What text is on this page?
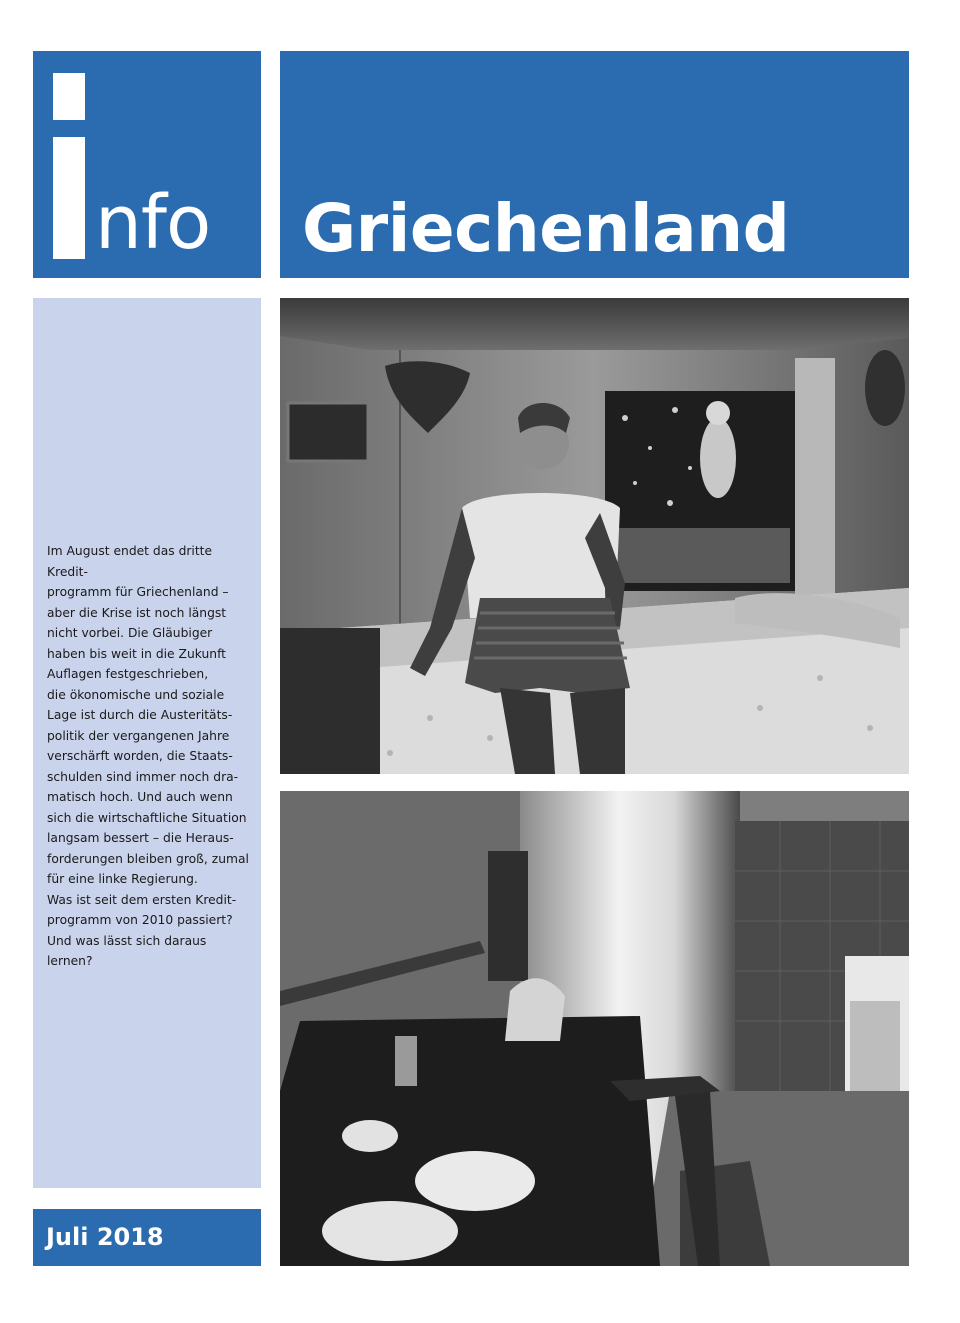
nfo Griechenland

Im August endet das dritte Kredit-
programm für Griechenland –
aber die Krise ist noch längst
nicht vorbei. Die Gläubiger
haben bis weit in die Zukunft
Auflagen festgeschrieben,
die ökonomische und soziale
Lage ist durch die Austeritäts-
politik der vergangenen Jahre
verschärft worden, die Staats-
schulden sind immer noch dra-
matisch hoch. Und auch wenn
sich die wirtschaftliche Situation
langsam bessert – die Heraus-
forderungen bleiben groß, zumal
für eine linke Regierung.
Was ist seit dem ersten Kredit-
programm von 2010 passiert?
Und was lässt sich daraus
lernen?

Juli 2018
